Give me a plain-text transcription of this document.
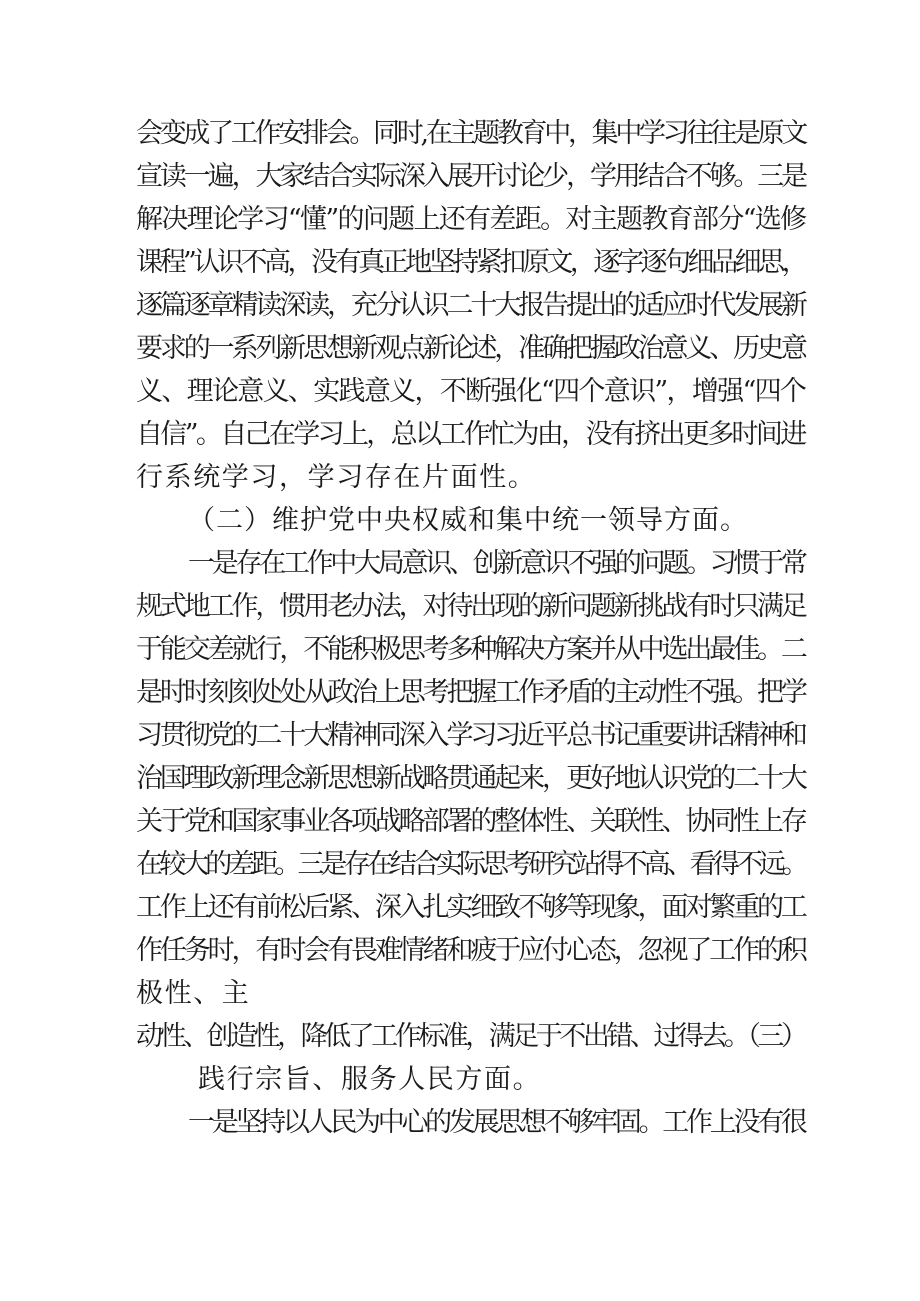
会变成了工作安排会。同时,在主题教育中，集中学习往往是原文
宣读一遍，大家结合实际深入展开讨论少，学用结合不够。三是
解决理论学习“懂”的问题上还有差距。对主题教育部分“选修
课程”认识不高，没有真正地坚持紧扣原文，逐字逐句细品细思，
逐篇逐章精读深读，充分认识二十大报告提出的适应时代发展新
要求的一系列新思想新观点新论述，准确把握政治意义、历史意
义、理论意义、实践意义，不断强化“四个意识”，增强“四个
自信”。自己在学习上，总以工作忙为由，没有挤出更多时间进
行系统学习，学习存在片面性。
（二）维护党中央权威和集中统一领导方面。
一是存在工作中大局意识、创新意识不强的问题。习惯于常
规式地工作，惯用老办法，对待出现的新问题新挑战有时只满足
于能交差就行，不能积极思考多种解决方案并从中选出最佳。二
是时时刻刻处处从政治上思考把握工作矛盾的主动性不强。把学
习贯彻党的二十大精神同深入学习习近平总书记重要讲话精神和
治国理政新理念新思想新战略贯通起来，更好地认识党的二十大
关于党和国家事业各项战略部署的整体性、关联性、协同性上存
在较大的差距。三是存在结合实际思考研究站得不高、看得不远。
工作上还有前松后紧、深入扎实细致不够等现象，面对繁重的工
作任务时，有时会有畏难情绪和疲于应付心态，忽视了工作的积
极性、主
动性、创造性，降低了工作标准，满足于不出错、过得去。（三）
践行宗旨、服务人民方面。
一是坚持以人民为中心的发展思想不够牢固。工作上没有很
